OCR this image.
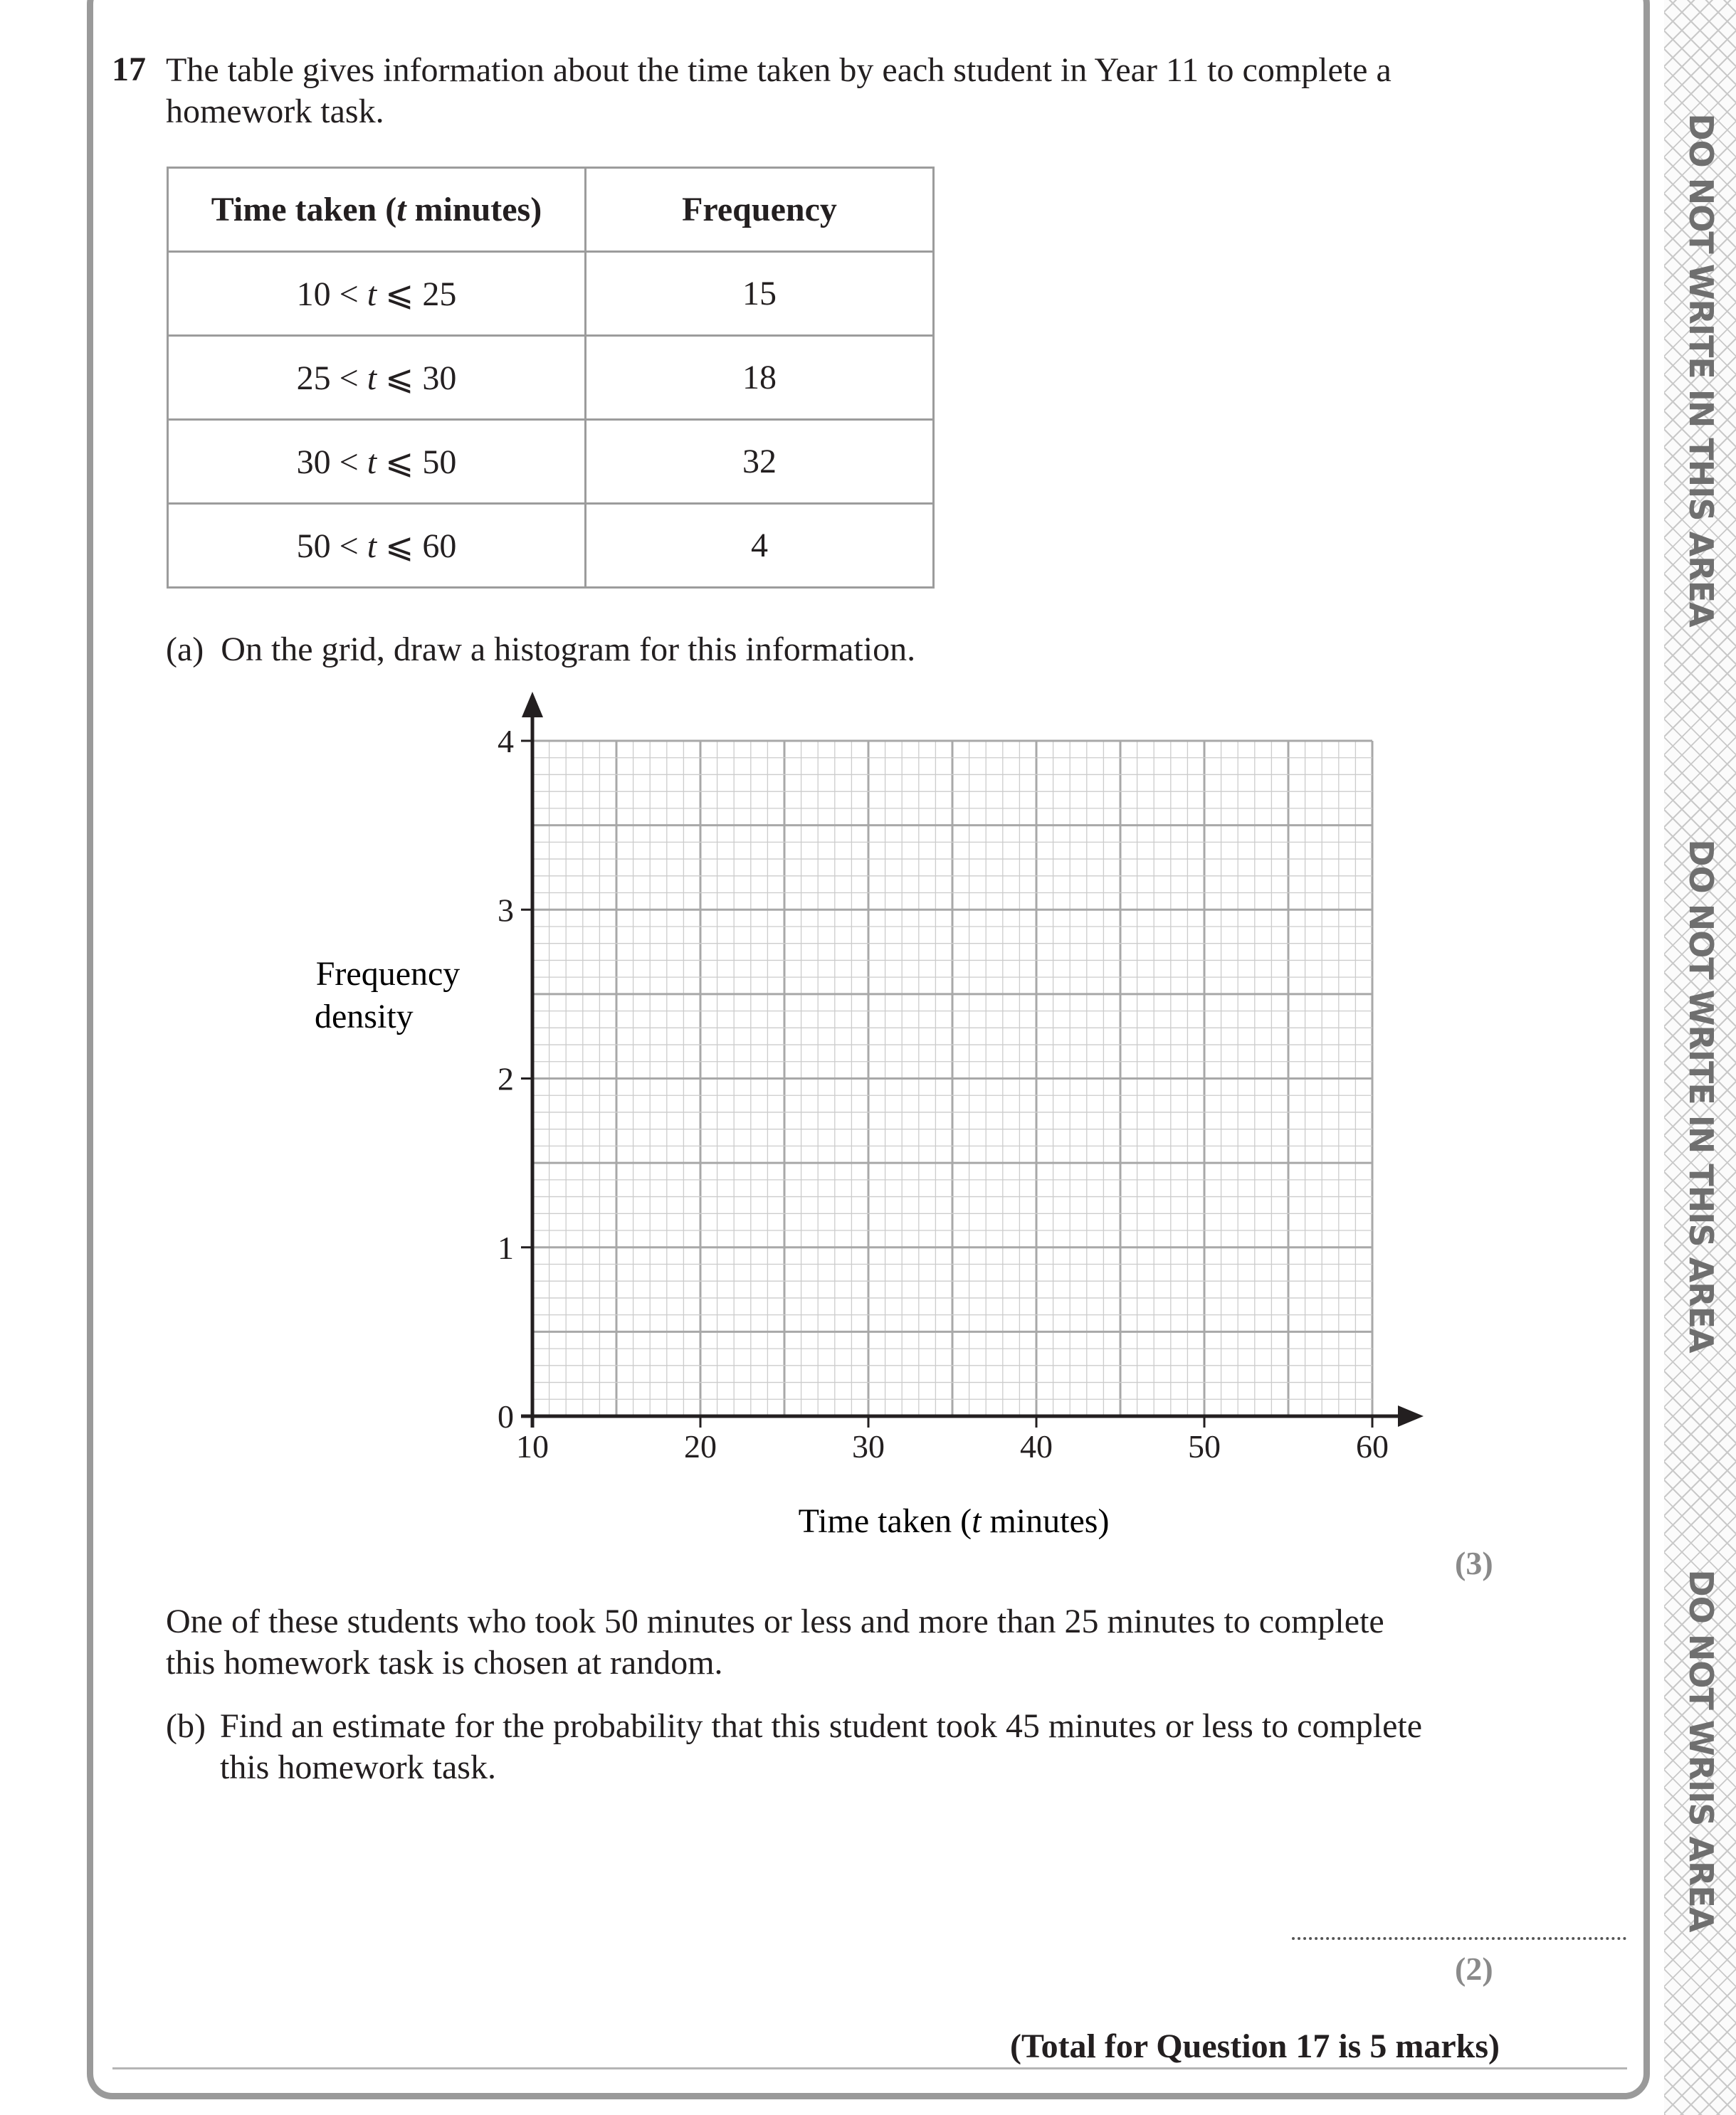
DO NOT WRITE IN THIS AREA
DO NOT WRITE IN THIS AREA
DO NOT WRIIS AREA
17 The table gives information about the time taken by each student in Year 11 to complete a homework task.
Time taken (t minutes)	Frequency
10 < t ⩽ 25	15
25 < t ⩽ 30	18
30 < t ⩽ 50	32
50 < t ⩽ 60	4
(a) On the grid, draw a histogram for this information.
10	20	30	40	50	60
0
1
2
3
4
Frequency
density
Time taken (t minutes)
(3)
One of these students who took 50 minutes or less and more than 25 minutes to complete this homework task is chosen at random.
(b) Find an estimate for the probability that this student took 45 minutes or less to complete this homework task.
(2)
(Total for Question 17 is 5 marks)
